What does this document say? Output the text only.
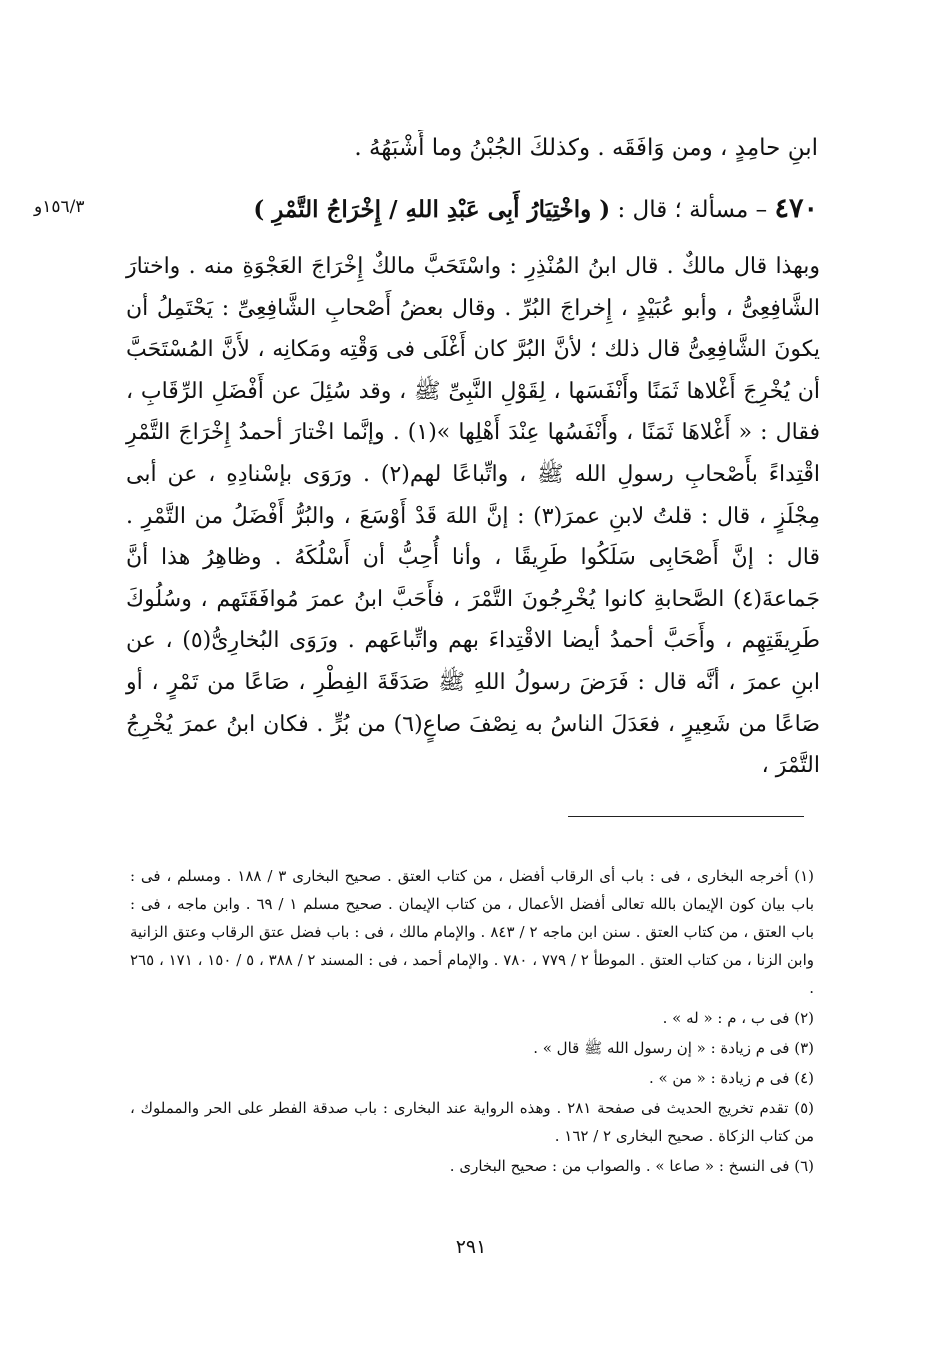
ابنِ حامِدٍ ، ومن وَافَقَه . وكذلكَ الجُبْنُ وما أَشْبَهُهُ .
١٥٦/٣و	٤٧٠ – مسألة ؛ قال : ( واخْتِيَارُ أَبِى عَبْدِ اللهِ / إِخْرَاجُ التَّمْرِ )

وبهذا قال مالكٌ . قال ابنُ المُنْذِرِ : واسْتَحَبَّ مالكٌ إِخْرَاجَ العَجْوَةِ منه . واختارَ الشَّافِعِىُّ ، وأبو عُبَيْدٍ ، إِخراجَ البُرِّ . وقال بعضُ أَصْحابِ الشَّافِعِىِّ : يَحْتَمِلُ أن يكونَ الشَّافِعِىُّ قال ذلك ؛ لأنَّ البُرَّ كان أَغْلَى فى وَقْتِه ومَكانِه ، لأَنَّ المُسْتَحَبَّ أن يُخْرِجَ أَغْلاها ثَمَنًا وأَنْفَسَها ، لِقَوْلِ النَّبِىِّ ﷺ ، وقد سُئِلَ عن أَفْضَلِ الرِّقَابِ ، فقال : « أَغْلاهَا ثَمَنًا ، وأَنْفَسُها عِنْدَ أَهْلِها »(١) . وإنَّما اخْتارَ أحمدُ إِخْرَاجَ التَّمْرِ اقْتِداءً بأَصْحابِ رسولِ الله ﷺ ، واتِّباعًا لهم(٢) . ورَوَى بإسْنادِهِ ، عن أبى مِجْلَزٍ ، قال : قلتُ لابنِ عمرَ(٣) : إنَّ اللهَ قَدْ أَوْسَعَ ، والبُرُّ أَفْضَلُ من التَّمْرِ . قال : إنَّ أَصْحَابِى سَلَكُوا طَرِيقًا ، وأنا أُحِبُّ أن أَسْلُكَهُ . وظاهِرُ هذا أنَّ جَماعةَ(٤) الصَّحابةِ كانوا يُخْرِجُونَ التَّمْرَ ، فأَحَبَّ ابنُ عمرَ مُوافَقَتَهم ، وسُلُوكَ طَرِيقَتِهِم ، وأَحَبَّ أحمدُ أيضا الاقْتِداءَ بهم واتِّباعَهم . ورَوَى البُخارِىُّ(٥) ، عن ابنِ عمرَ ، أنَّه قال : فَرَضَ رسولُ اللهِ ﷺ صَدَقَةَ الفِطْرِ ، صَاعًا من تَمْرٍ ، أو صَاعًا من شَعِيرٍ ، فعَدَلَ الناسُ به نِصْفَ صاعٍ(٦) من بُرٍّ . فكان ابنُ عمرَ يُخْرِجُ التَّمْرَ ،

(١) أخرجه البخارى ، فى : باب أى الرقاب أفضل ، من كتاب العتق . صحيح البخارى ٣ / ١٨٨ . ومسلم ، فى : باب بيان كون الإيمان بالله تعالى أفضل الأعمال ، من كتاب الإيمان . صحيح مسلم ١ / ٦٩ . وابن ماجه ، فى : باب العتق ، من كتاب العتق . سنن ابن ماجه ٢ / ٨٤٣ . والإمام مالك ، فى : باب فضل عتق الرقاب وعتق الزانية وابن الزنا ، من كتاب العتق . الموطأ ٢ / ٧٧٩ ، ٧٨٠ . والإمام أحمد ، فى : المسند ٢ / ٣٨٨ ، ٥ / ١٥٠ ، ١٧١ ، ٢٦٥ .

(٢) فى ب ، م : « له » .

(٣) فى م زيادة : « إن رسول الله ﷺ قال » .

(٤) فى م زيادة : « من » .

(٥) تقدم تخريج الحديث فى صفحة ٢٨١ . وهذه الرواية عند البخارى : باب صدقة الفطر على الحر والمملوك ، من كتاب الزكاة . صحيح البخارى ٢ / ١٦٢ .

(٦) فى النسخ : « صاعا » . والصواب من : صحيح البخارى .

٢٩١
